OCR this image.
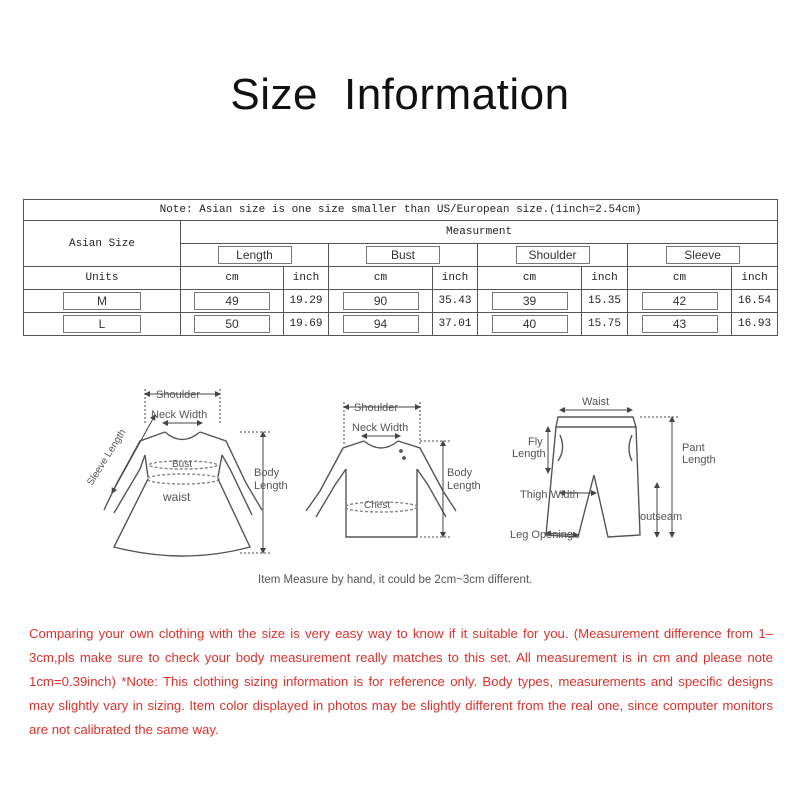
Size Information
Note: Asian size is one size smaller than US/European size.(1inch=2.54cm)								
Asian Size	Measurment							
	Length		Bust		Shoulder		Sleeve	
Units	cm	inch	cm	inch	cm	inch	cm	inch
M	49	19.29	90	35.43	39	15.35	42	16.54
L	50	19.69	94	37.01	40	15.75	43	16.93
Shoulder
Neck Width
Sleeve Length	Bust
waist
Body
Length
Shoulder
Neck Width
Chest
Body
Length
Waist
Fly
Length	Pant
Length
Thigh Width
outseam
Leg Opening
Item Measure by hand, it could be 2cm~3cm different.
Comparing your own clothing with the size is very easy way to know if it suitable for you. (Measurement difference from 1– 3cm,pls make sure to check your body measurement really matches to this set. All measurement is in cm and please note 1cm=0.39inch) *Note: This clothing sizing information is for reference only. Body types, measurements and specific designs may slightly vary in sizing. Item color displayed in photos may be slightly different from the real one, since computer monitors are not calibrated the same way.
